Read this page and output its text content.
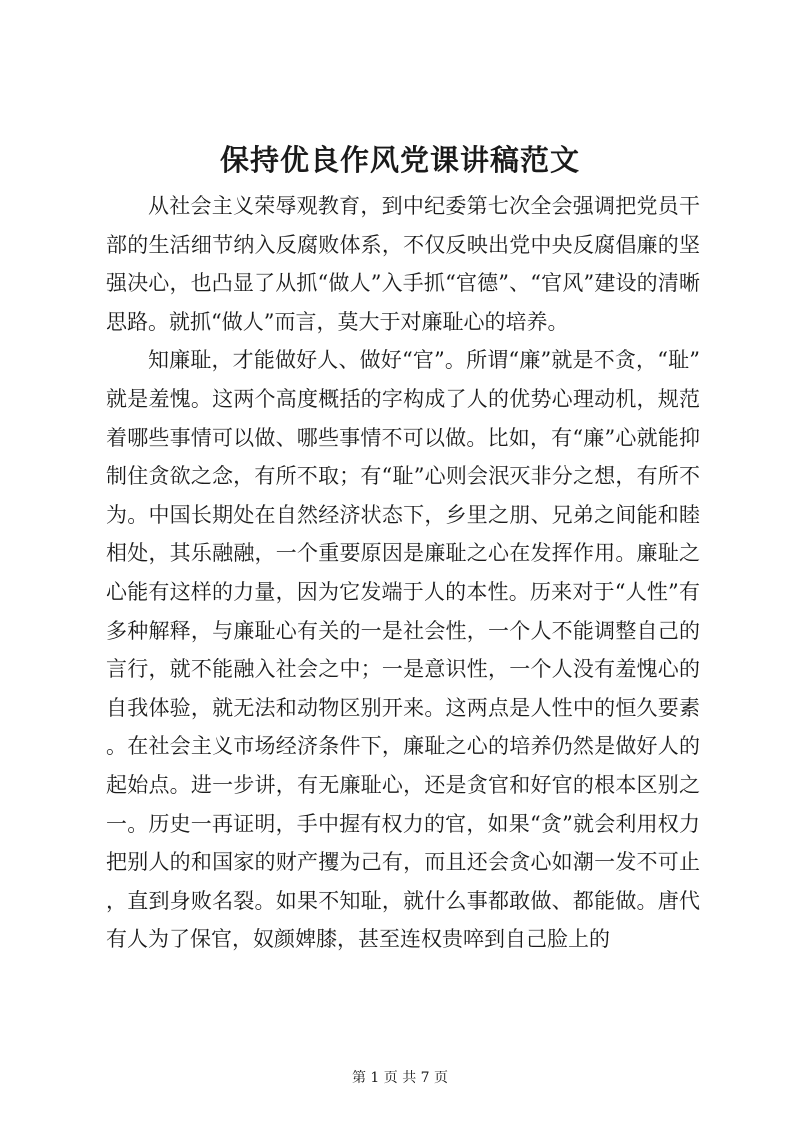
保持优良作风党课讲稿范文

从社会主义荣辱观教育，到中纪委第七次全会强调把党员干部的生活细节纳入反腐败体系，不仅反映出党中央反腐倡廉的坚强决心，也凸显了从抓“做人”入手抓“官德”、“官风”建设的清晰思路。就抓“做人”而言，莫大于对廉耻心的培养。

知廉耻，才能做好人、做好“官”。所谓“廉”就是不贪，“耻”就是羞愧。这两个高度概括的字构成了人的优势心理动机，规范着哪些事情可以做、哪些事情不可以做。比如，有“廉”心就能抑制住贪欲之念，有所不取；有“耻”心则会泯灭非分之想，有所不为。中国长期处在自然经济状态下，乡里之朋、兄弟之间能和睦相处，其乐融融，一个重要原因是廉耻之心在发挥作用。廉耻之心能有这样的力量，因为它发端于人的本性。历来对于“人性”有多种解释，与廉耻心有关的一是社会性，一个人不能调整自己的言行，就不能融入社会之中；一是意识性，一个人没有羞愧心的自我体验，就无法和动物区别开来。这两点是人性中的恒久要素。在社会主义市场经济条件下，廉耻之心的培养仍然是做好人的起始点。进一步讲，有无廉耻心，还是贪官和好官的根本区别之一。历史一再证明，手中握有权力的官，如果“贪”就会利用权力把别人的和国家的财产攫为己有，而且还会贪心如潮一发不可止，直到身败名裂。如果不知耻，就什么事都敢做、都能做。唐代有人为了保官，奴颜婢膝，甚至连权贵啐到自己脸上的

第 1 页 共 7 页
